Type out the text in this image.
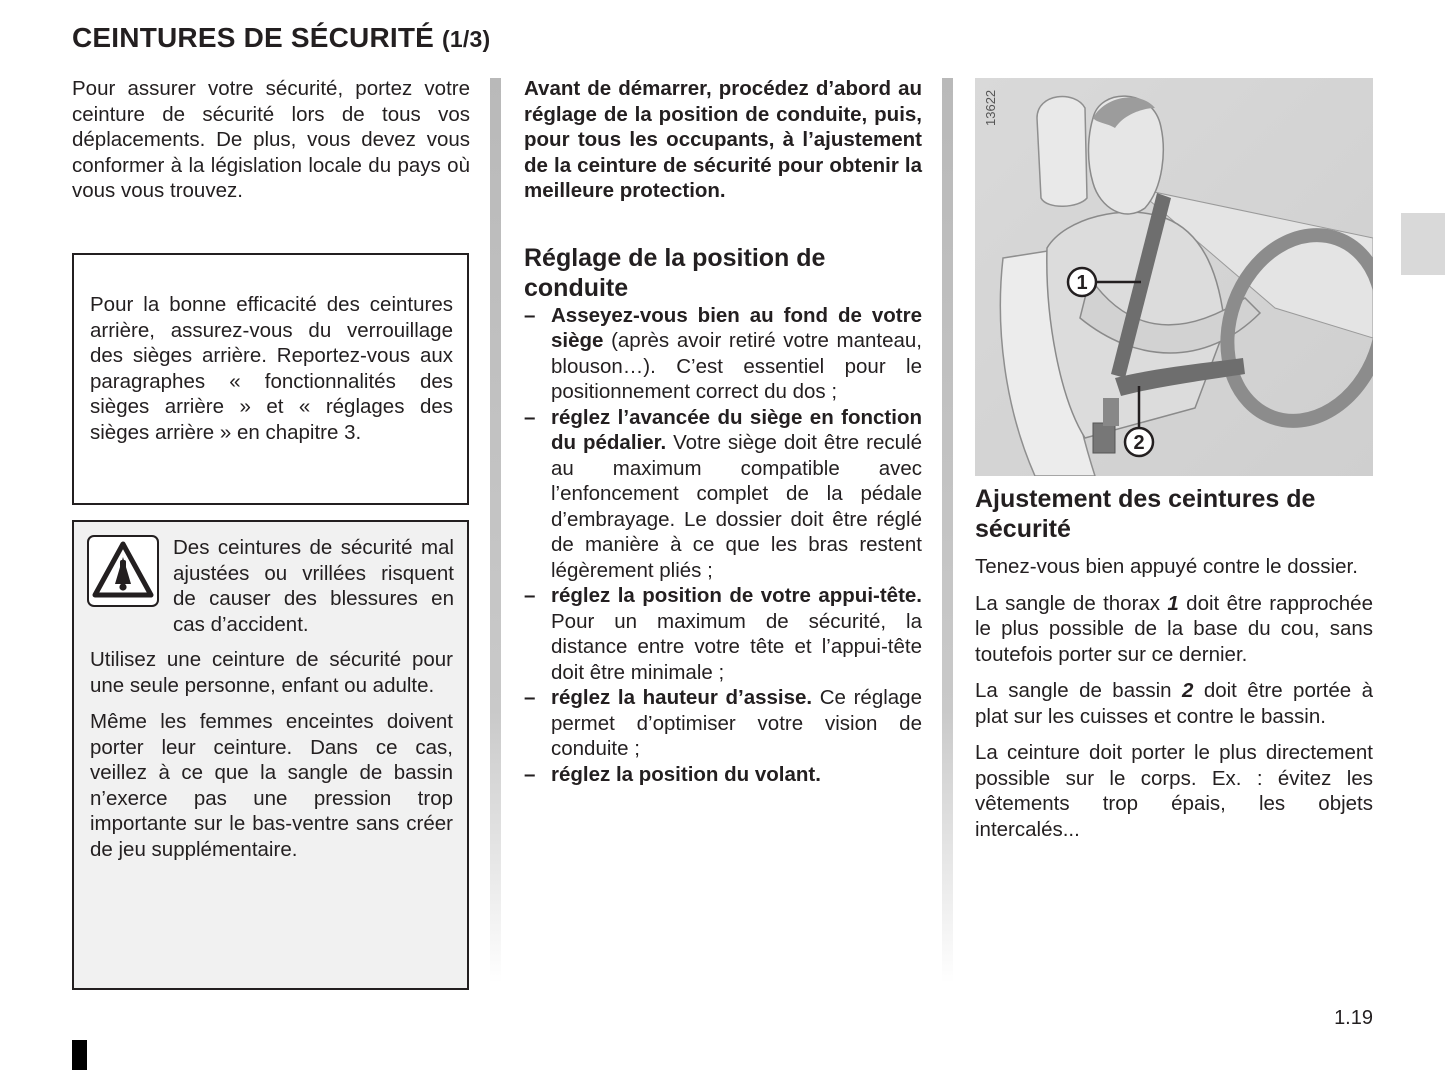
CEINTURES DE SÉCURITÉ (1/3)

Pour assurer votre sécurité, portez votre ceinture de sécurité lors de tous vos déplacements. De plus, vous devez vous conformer à la législation locale du pays où vous vous trouvez.

Pour la bonne efficacité des ceintures arrière, assurez-vous du verrouillage des sièges arrière. Reportez-vous aux paragraphes « fonctionnalités des sièges arrière » et « réglages des sièges arrière » en chapitre 3.

Des ceintures de sécurité mal ajustées ou vrillées risquent de causer des blessures en cas d’accident.

Utilisez une ceinture de sécurité pour une seule personne, enfant ou adulte.

Même les femmes enceintes doivent porter leur ceinture. Dans ce cas, veillez à ce que la sangle de bassin n’exerce pas une pression trop importante sur le bas-ventre sans créer de jeu supplémentaire.

Avant de démarrer, procédez d’abord au réglage de la position de conduite, puis, pour tous les occupants, à l’ajustement de la ceinture de sécurité pour obtenir la meilleure protection.

Réglage de la position de conduite
– Asseyez-vous bien au fond de votre siège (après avoir retiré votre manteau, blouson…). C’est essentiel pour le positionnement correct du dos ;
– réglez l’avancée du siège en fonction du pédalier. Votre siège doit être reculé au maximum compatible avec l’enfoncement complet de la pédale d’embrayage. Le dossier doit être réglé de manière à ce que les bras restent légèrement pliés ;
– réglez la position de votre appui-tête. Pour un maximum de sécurité, la distance entre votre tête et l’appui-tête doit être minimale ;
– réglez la hauteur d’assise. Ce réglage permet d’optimiser votre vision de conduite ;
– réglez la position du volant.
13622
1
2
Ajustement des ceintures de sécurité

Tenez-vous bien appuyé contre le dossier.

La sangle de thorax 1 doit être rapprochée le plus possible de la base du cou, sans toutefois porter sur ce dernier.

La sangle de bassin 2 doit être portée à plat sur les cuisses et contre le bassin.

La ceinture doit porter le plus directement possible sur le corps. Ex. : évitez les vêtements trop épais, les objets intercalés...

1.19
